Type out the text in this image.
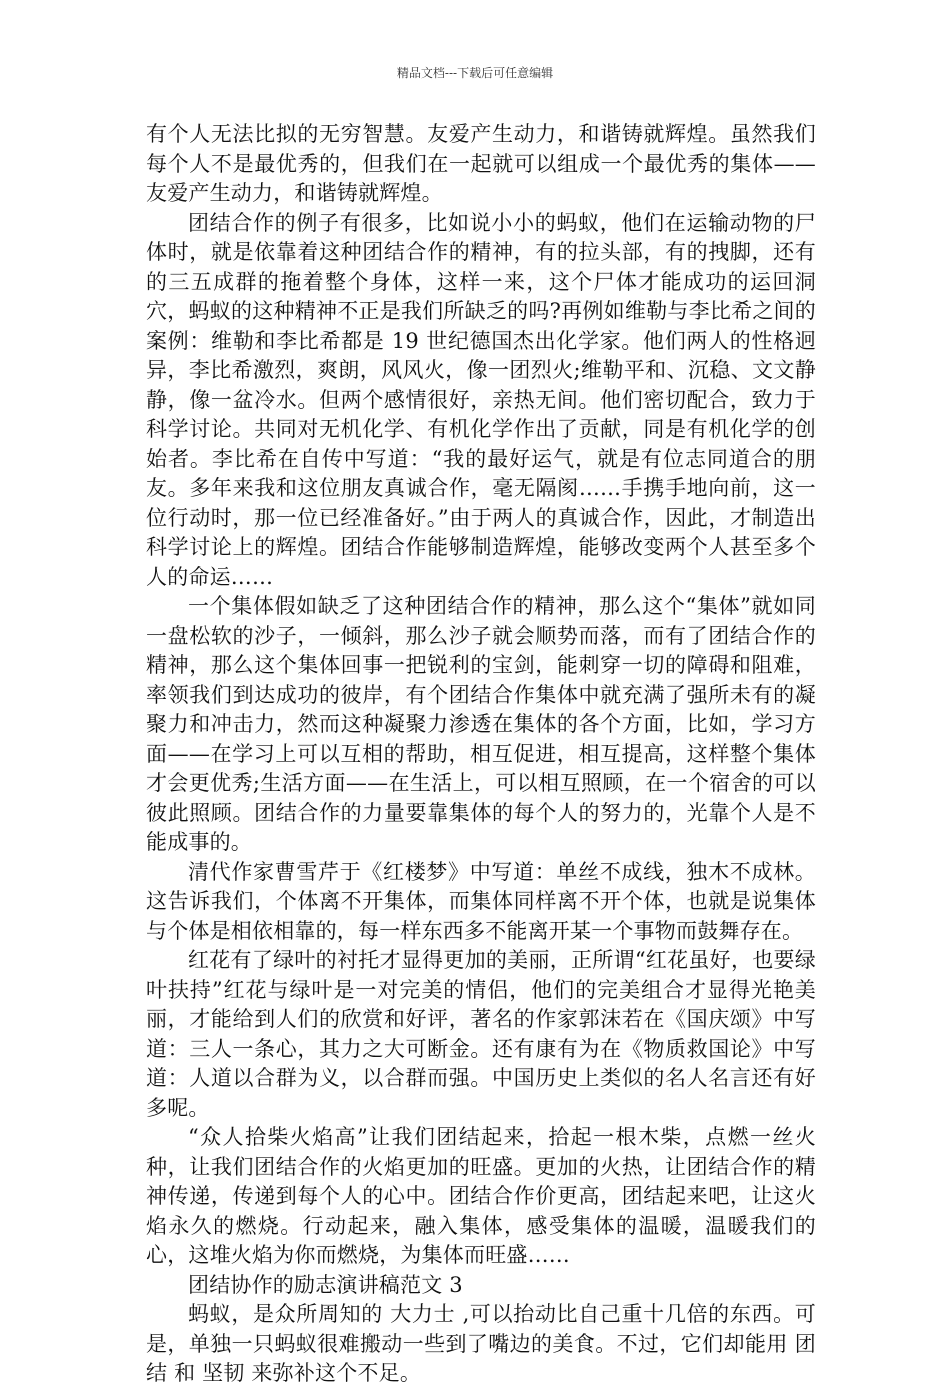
精品文档---下载后可任意编辑

有个人无法比拟的无穷智慧。友爱产生动力，和谐铸就辉煌。虽然我们每个人不是最优秀的，但我们在一起就可以组成一个最优秀的集体——友爱产生动力，和谐铸就辉煌。

团结合作的例子有很多，比如说小小的蚂蚁，他们在运输动物的尸体时，就是依靠着这种团结合作的精神，有的拉头部，有的拽脚，还有的三五成群的拖着整个身体，这样一来，这个尸体才能成功的运回洞穴，蚂蚁的这种精神不正是我们所缺乏的吗?再例如维勒与李比希之间的案例：维勒和李比希都是 19 世纪德国杰出化学家。他们两人的性格迥异，李比希激烈，爽朗，风风火，像一团烈火;维勒平和、沉稳、文文静静，像一盆冷水。但两个感情很好，亲热无间。他们密切配合，致力于科学讨论。共同对无机化学、有机化学作出了贡献，同是有机化学的创始者。李比希在自传中写道：“我的最好运气，就是有位志同道合的朋友。多年来我和这位朋友真诚合作，毫无隔阂……手携手地向前，这一位行动时，那一位已经准备好。”由于两人的真诚合作，因此，才制造出科学讨论上的辉煌。团结合作能够制造辉煌，能够改变两个人甚至多个人的命运……

一个集体假如缺乏了这种团结合作的精神，那么这个“集体”就如同一盘松软的沙子，一倾斜，那么沙子就会顺势而落，而有了团结合作的精神，那么这个集体回事一把锐利的宝剑，能刺穿一切的障碍和阻难，率领我们到达成功的彼岸，有个团结合作集体中就充满了强所未有的凝聚力和冲击力，然而这种凝聚力渗透在集体的各个方面，比如，学习方面——在学习上可以互相的帮助，相互促进，相互提高，这样整个集体才会更优秀;生活方面——在生活上，可以相互照顾，在一个宿舍的可以彼此照顾。团结合作的力量要靠集体的每个人的努力的，光靠个人是不能成事的。

清代作家曹雪芹于《红楼梦》中写道：单丝不成线，独木不成林。这告诉我们，个体离不开集体，而集体同样离不开个体，也就是说集体与个体是相依相靠的，每一样东西多不能离开某一个事物而鼓舞存在。

红花有了绿叶的衬托才显得更加的美丽，正所谓“红花虽好，也要绿叶扶持”红花与绿叶是一对完美的情侣，他们的完美组合才显得光艳美丽，才能给到人们的欣赏和好评，著名的作家郭沫若在《国庆颂》中写道：三人一条心，其力之大可断金。还有康有为在《物质救国论》中写道：人道以合群为义，以合群而强。中国历史上类似的名人名言还有好多呢。

“众人拾柴火焰高”让我们团结起来，拾起一根木柴，点燃一丝火种，让我们团结合作的火焰更加的旺盛。更加的火热，让团结合作的精神传递，传递到每个人的心中。团结合作价更高，团结起来吧，让这火焰永久的燃烧。行动起来，融入集体，感受集体的温暖，温暖我们的心，这堆火焰为你而燃烧，为集体而旺盛……

团结协作的励志演讲稿范文 3

蚂蚁，是众所周知的 大力士 ,可以抬动比自己重十几倍的东西。可是，单独一只蚂蚁很难搬动一些到了嘴边的美食。不过，它们却能用 团结 和 坚韧 来弥补这个不足。
